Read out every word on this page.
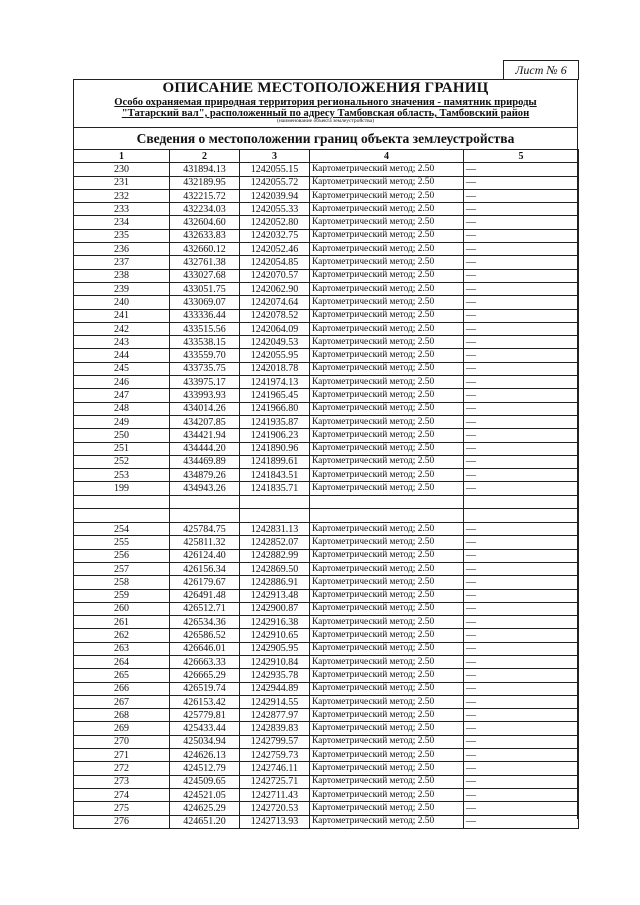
Лист № 6
ОПИСАНИЕ МЕСТОПОЛОЖЕНИЯ ГРАНИЦ
Особо охраняемая природная территория регионального значения - памятник природы
"Татарский вал", расположенный по адресу Тамбовская область, Тамбовский район
(наименование объекта землеустройства)
Сведения о местоположении границ объекта землеустройства
1	2	3	4	5
230	431894.13	1242055.15	Картометрический метод; 2.50	—
231	432189.95	1242055.72	Картометрический метод; 2.50	—
232	432215.72	1242039.94	Картометрический метод; 2.50	—
233	432234.03	1242055.33	Картометрический метод; 2.50	—
234	432604.60	1242052.80	Картометрический метод; 2.50	—
235	432633.83	1242032.75	Картометрический метод; 2.50	—
236	432660.12	1242052.46	Картометрический метод; 2.50	—
237	432761.38	1242054.85	Картометрический метод; 2.50	—
238	433027.68	1242070.57	Картометрический метод; 2.50	—
239	433051.75	1242062.90	Картометрический метод; 2.50	—
240	433069.07	1242074.64	Картометрический метод; 2.50	—
241	433336.44	1242078.52	Картометрический метод; 2.50	—
242	433515.56	1242064.09	Картометрический метод; 2.50	—
243	433538.15	1242049.53	Картометрический метод; 2.50	—
244	433559.70	1242055.95	Картометрический метод; 2.50	—
245	433735.75	1242018.78	Картометрический метод; 2.50	—
246	433975.17	1241974.13	Картометрический метод; 2.50	—
247	433993.93	1241965.45	Картометрический метод; 2.50	—
248	434014.26	1241966.80	Картометрический метод; 2.50	—
249	434207.85	1241935.87	Картометрический метод; 2.50	—
250	434421.94	1241906.23	Картометрический метод; 2.50	—
251	434444.20	1241890.96	Картометрический метод; 2.50	—
252	434469.89	1241899.61	Картометрический метод; 2.50	—
253	434879.26	1241843.51	Картометрический метод; 2.50	—
199	434943.26	1241835.71	Картометрический метод; 2.50	—

254	425784.75	1242831.13	Картометрический метод; 2.50	—
255	425811.32	1242852.07	Картометрический метод; 2.50	—
256	426124.40	1242882.99	Картометрический метод; 2.50	—
257	426156.34	1242869.50	Картометрический метод; 2.50	—
258	426179.67	1242886.91	Картометрический метод; 2.50	—
259	426491.48	1242913.48	Картометрический метод; 2.50	—
260	426512.71	1242900.87	Картометрический метод; 2.50	—
261	426534.36	1242916.38	Картометрический метод; 2.50	—
262	426586.52	1242910.65	Картометрический метод; 2.50	—
263	426646.01	1242905.95	Картометрический метод; 2.50	—
264	426663.33	1242910.84	Картометрический метод; 2.50	—
265	426665.29	1242935.78	Картометрический метод; 2.50	—
266	426519.74	1242944.89	Картометрический метод; 2.50	—
267	426153.42	1242914.55	Картометрический метод; 2.50	—
268	425779.81	1242877.97	Картометрический метод; 2.50	—
269	425433.44	1242839.83	Картометрический метод; 2.50	—
270	425034.94	1242799.57	Картометрический метод; 2.50	—
271	424626.13	1242759.73	Картометрический метод; 2.50	—
272	424512.79	1242746.11	Картометрический метод; 2.50	—
273	424509.65	1242725.71	Картометрический метод; 2.50	—
274	424521.05	1242711.43	Картометрический метод; 2.50	—
275	424625.29	1242720.53	Картометрический метод; 2.50	—
276	424651.20	1242713.93	Картометрический метод; 2.50	—
